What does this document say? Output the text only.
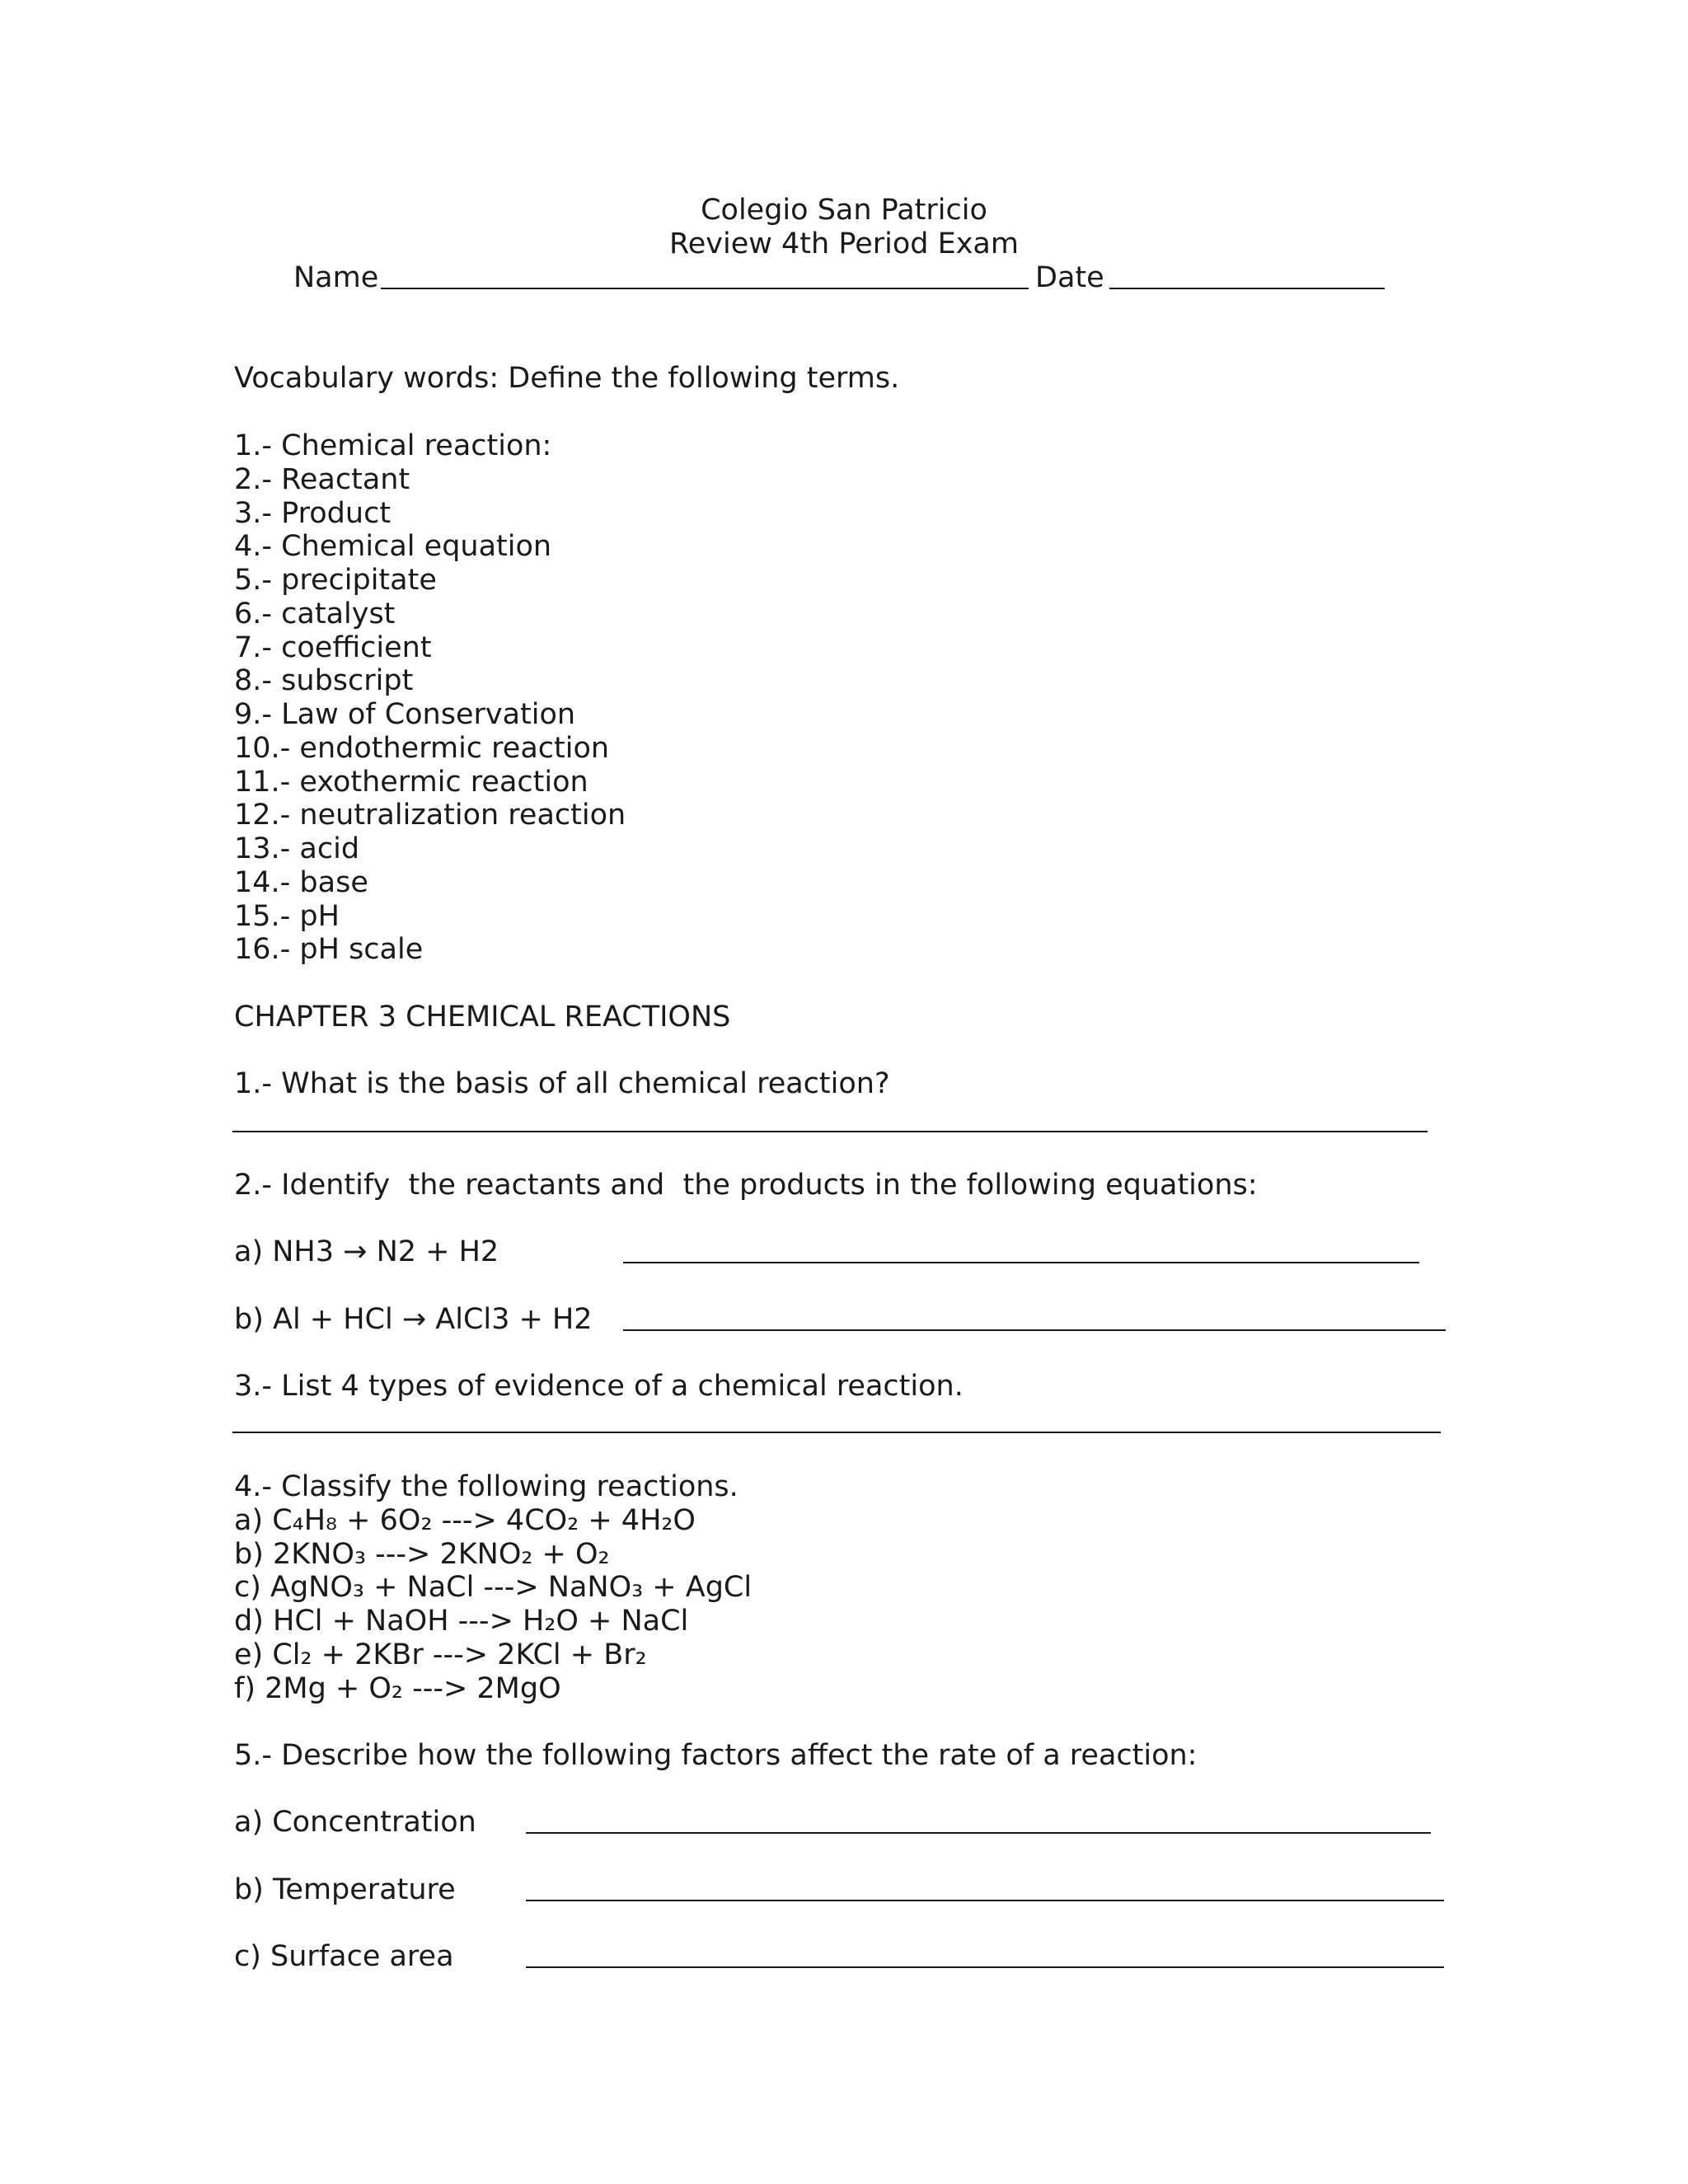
Colegio San Patricio
Review 4th Period Exam
Name	Date
Vocabulary words: Define the following terms.
1.- Chemical reaction:
2.- Reactant
3.- Product
4.- Chemical equation
5.- precipitate
6.- catalyst
7.- coefficient
8.- subscript
9.- Law of Conservation
10.- endothermic reaction
11.- exothermic reaction
12.- neutralization reaction
13.- acid
14.- base
15.- pH
16.- pH scale
CHAPTER 3 CHEMICAL REACTIONS
1.- What is the basis of all chemical reaction?
2.- Identify  the reactants and  the products in the following equations:
a) NH3 → N2 + H2
b) Al + HCl → AlCl3 + H2
3.- List 4 types of evidence of a chemical reaction.
4.- Classify the following reactions.
a) C₄H₈ + 6O₂ ---> 4CO₂ + 4H₂O
b) 2KNO₃ ---> 2KNO₂ + O₂
c) AgNO₃ + NaCl ---> NaNO₃ + AgCl
d) HCl + NaOH ---> H₂O + NaCl
e) Cl₂ + 2KBr ---> 2KCl + Br₂
f) 2Mg + O₂ ---> 2MgO
5.- Describe how the following factors affect the rate of a reaction:
a) Concentration
b) Temperature
c) Surface area
